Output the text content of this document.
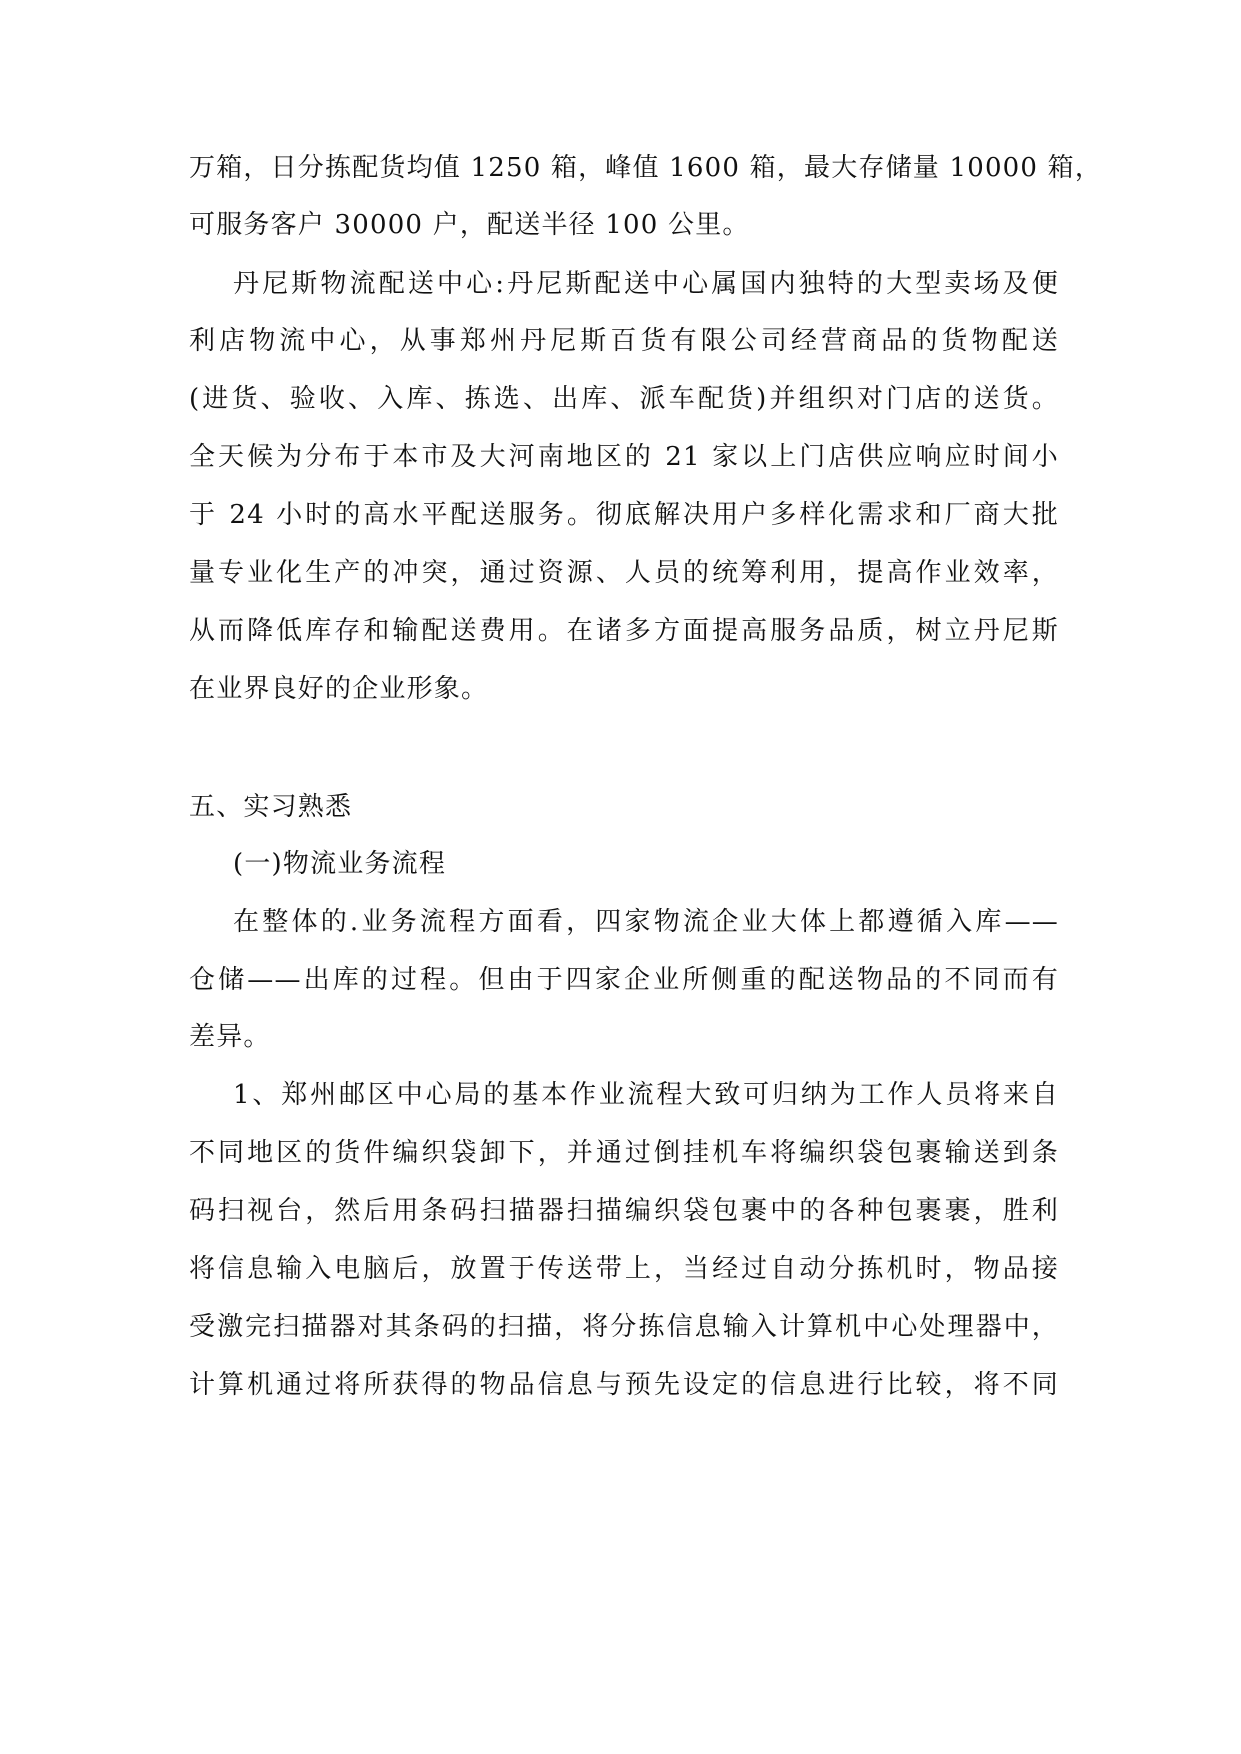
万箱，日分拣配货均值 1250 箱，峰值 1600 箱，最大存储量 10000 箱，
可服务客户 30000 户，配送半径 100 公里。
丹尼斯物流配送中心:丹尼斯配送中心属国内独特的大型卖场及便
利店物流中心，从事郑州丹尼斯百货有限公司经营商品的货物配送
(进货、验收、入库、拣选、出库、派车配货)并组织对门店的送货。
全天候为分布于本市及大河南地区的 21 家以上门店供应响应时间小
于 24 小时的高水平配送服务。彻底解决用户多样化需求和厂商大批
量专业化生产的冲突，通过资源、人员的统筹利用，提高作业效率，
从而降低库存和输配送费用。在诸多方面提高服务品质，树立丹尼斯
在业界良好的企业形象。
五、实习熟悉
(一)物流业务流程
在整体的.业务流程方面看，四家物流企业大体上都遵循入库——
仓储——出库的过程。但由于四家企业所侧重的配送物品的不同而有
差异。
1、郑州邮区中心局的基本作业流程大致可归纳为工作人员将来自
不同地区的货件编织袋卸下，并通过倒挂机车将编织袋包裹输送到条
码扫视台，然后用条码扫描器扫描编织袋包裹中的各种包裹裹，胜利
将信息输入电脑后，放置于传送带上，当经过自动分拣机时，物品接
受激完扫描器对其条码的扫描，将分拣信息输入计算机中心处理器中，
计算机通过将所获得的物品信息与预先设定的信息进行比较，将不同
